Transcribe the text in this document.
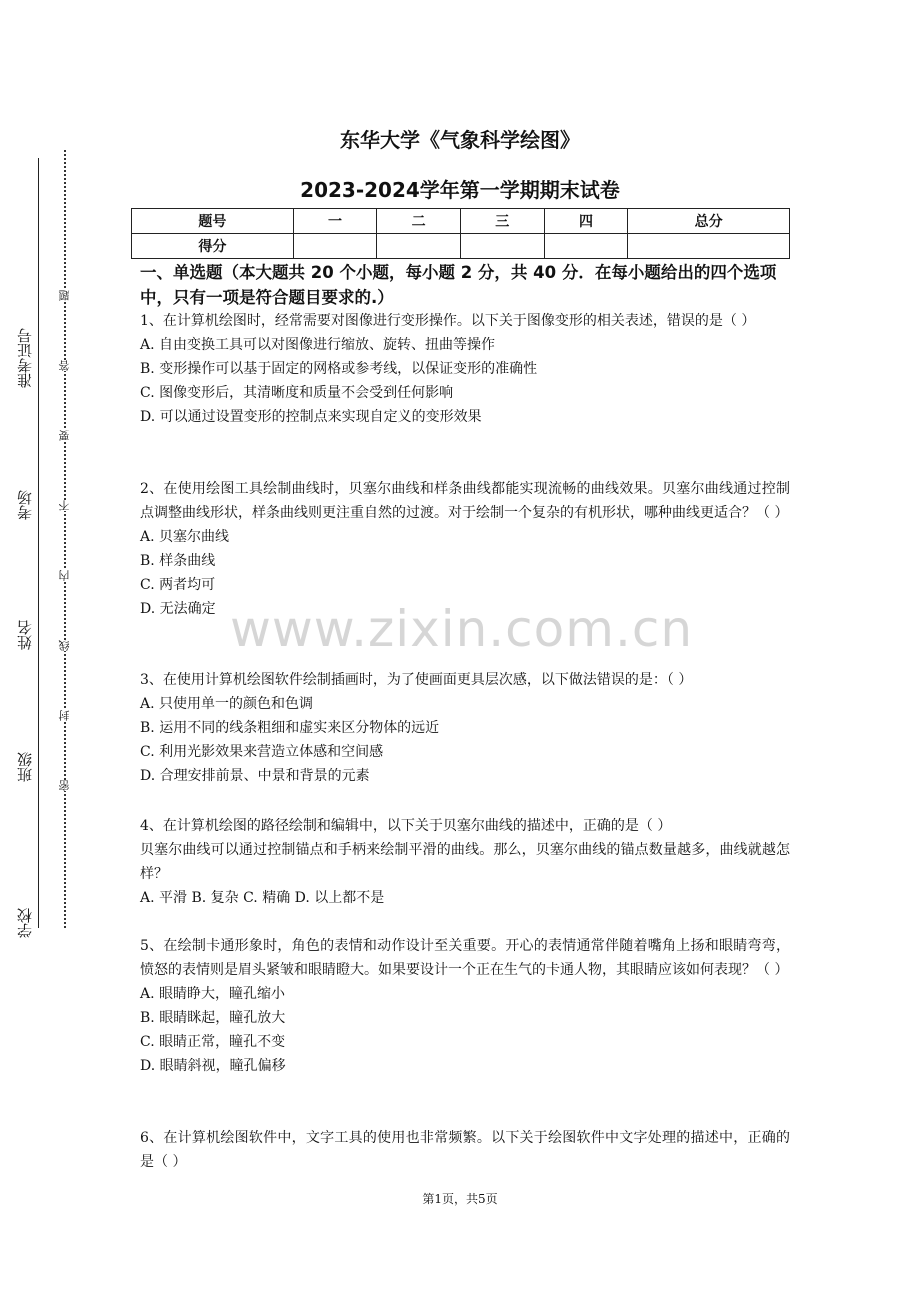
准考证号
考场
姓名
班级
学校
题
答
要
不
内
线
封
密
东华大学《气象科学绘图》
2023-2024学年第一学期期末试卷
题号	一	二	三	四	总分
得分					
一、单选题（本大题共 20 个小题，每小题 2 分，共 40 分．在每小题给出的四个选项中，只有一项是符合题目要求的.）
1、在计算机绘图时，经常需要对图像进行变形操作。以下关于图像变形的相关表述，错误的是（ ）
A. 自由变换工具可以对图像进行缩放、旋转、扭曲等操作
B. 变形操作可以基于固定的网格或参考线，以保证变形的准确性
C. 图像变形后，其清晰度和质量不会受到任何影响
D. 可以通过设置变形的控制点来实现自定义的变形效果
2、在使用绘图工具绘制曲线时，贝塞尔曲线和样条曲线都能实现流畅的曲线效果。贝塞尔曲线通过控制点调整曲线形状，样条曲线则更注重自然的过渡。对于绘制一个复杂的有机形状，哪种曲线更适合？（ ）
A. 贝塞尔曲线
B. 样条曲线
C. 两者均可
D. 无法确定
3、在使用计算机绘图软件绘制插画时，为了使画面更具层次感，以下做法错误的是：（ ）
A. 只使用单一的颜色和色调
B. 运用不同的线条粗细和虚实来区分物体的远近
C. 利用光影效果来营造立体感和空间感
D. 合理安排前景、中景和背景的元素
4、在计算机绘图的路径绘制和编辑中，以下关于贝塞尔曲线的描述中，正确的是（ ）
贝塞尔曲线可以通过控制锚点和手柄来绘制平滑的曲线。那么，贝塞尔曲线的锚点数量越多，曲线就越怎样？
A. 平滑 B. 复杂 C. 精确 D. 以上都不是
5、在绘制卡通形象时，角色的表情和动作设计至关重要。开心的表情通常伴随着嘴角上扬和眼睛弯弯，愤怒的表情则是眉头紧皱和眼睛瞪大。如果要设计一个正在生气的卡通人物，其眼睛应该如何表现？（ ）
A. 眼睛睁大，瞳孔缩小
B. 眼睛眯起，瞳孔放大
C. 眼睛正常，瞳孔不变
D. 眼睛斜视，瞳孔偏移
6、在计算机绘图软件中，文字工具的使用也非常频繁。以下关于绘图软件中文字处理的描述中，正确的是（ ）
www.zixin.com.cn
第1页，共5页
